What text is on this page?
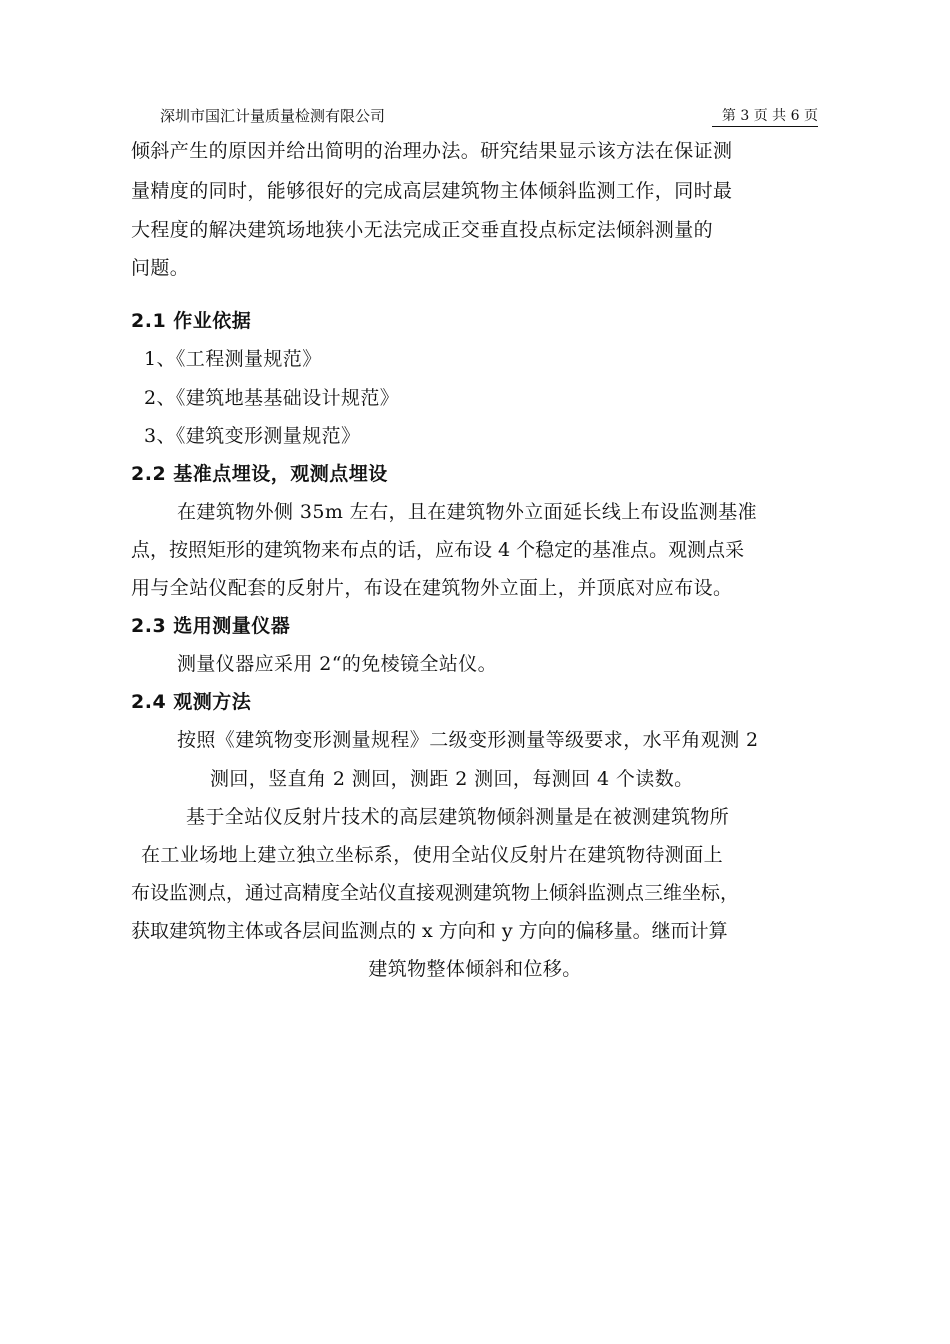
深圳市国汇计量质量检测有限公司	第 3 页 共 6 页
倾斜产生的原因并给出简明的治理办法。研究结果显示该方法在保证测
量精度的同时，能够很好的完成高层建筑物主体倾斜监测工作，同时最
大程度的解决建筑场地狭小无法完成正交垂直投点标定法倾斜测量的
问题。
2.1 作业依据
1、《工程测量规范》
2、《建筑地基基础设计规范》
3、《建筑变形测量规范》
2.2 基准点埋设，观测点埋设
在建筑物外侧 35m 左右，且在建筑物外立面延长线上布设监测基准
点，按照矩形的建筑物来布点的话，应布设 4 个稳定的基准点。观测点采
用与全站仪配套的反射片，布设在建筑物外立面上，并顶底对应布设。
2.3 选用测量仪器
测量仪器应采用 2“的免棱镜全站仪。
2.4 观测方法
按照《建筑物变形测量规程》二级变形测量等级要求，水平角观测 2
测回，竖直角 2 测回，测距 2 测回，每测回 4 个读数。
基于全站仪反射片技术的高层建筑物倾斜测量是在被测建筑物所
在工业场地上建立独立坐标系，使用全站仪反射片在建筑物待测面上
布设监测点，通过高精度全站仪直接观测建筑物上倾斜监测点三维坐标，
获取建筑物主体或各层间监测点的 x 方向和 y 方向的偏移量。继而计算
建筑物整体倾斜和位移。
